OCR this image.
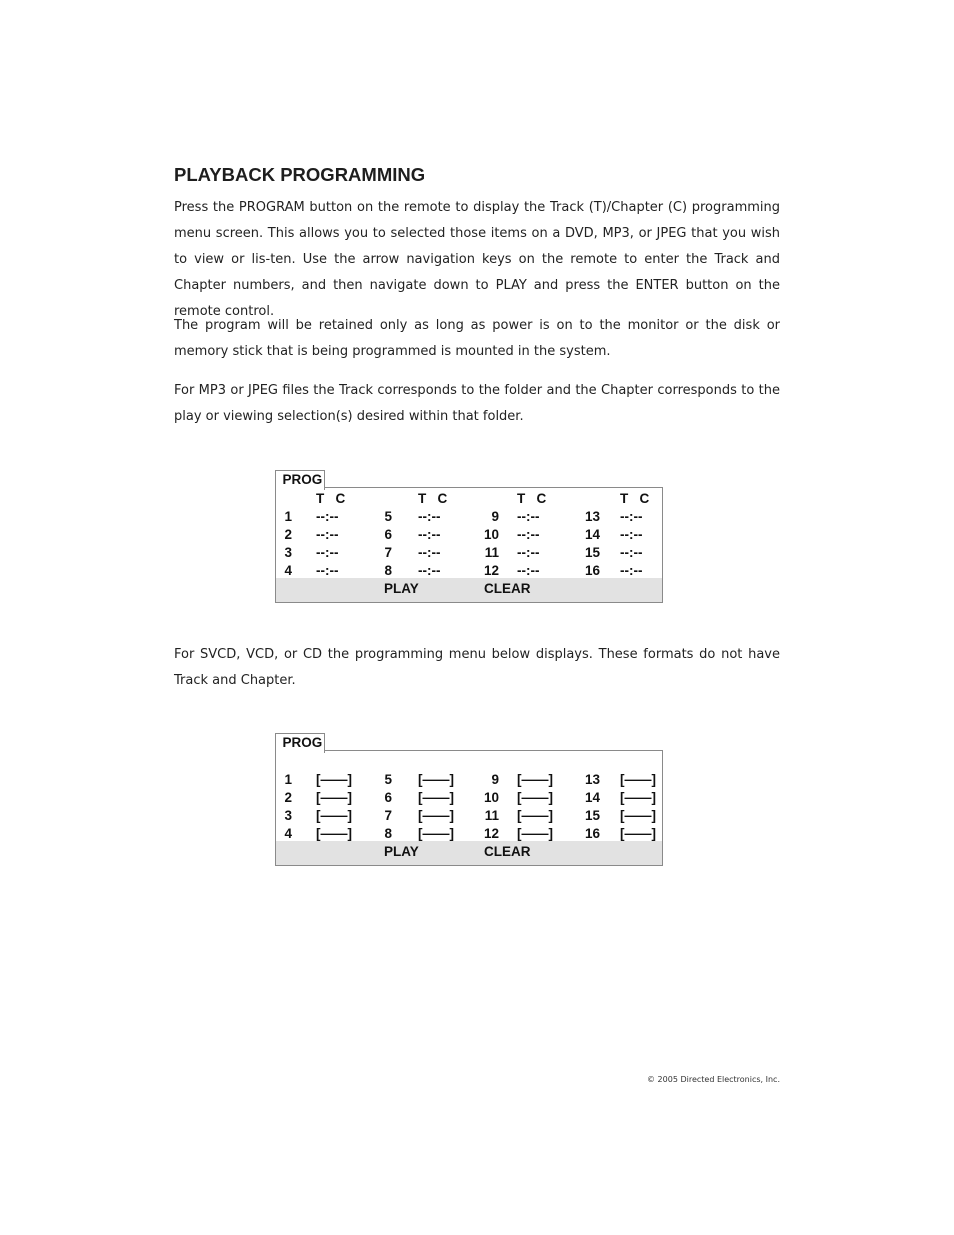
PLAYBACK PROGRAMMING

Press the PROGRAM button on the remote to display the Track (T)/Chapter (C) programming menu screen. This allows you to selected those items on a DVD, MP3, or JPEG that you wish to view or lis-ten. Use the arrow navigation keys on the remote to enter the Track and Chapter numbers, and then navigate down to PLAY and press the ENTER button on the remote control.

The program will be retained only as long as power is on to the monitor or the disk or memory stick that is being programmed is mounted in the system.

For MP3 or JPEG files the Track corresponds to the folder and the Chapter corresponds to the play or viewing selection(s) desired within that folder.

PROG
T   C	T   C	T   C	T   C
1 --:--	5 --:--	9 --:--	13 --:--
2 --:--	6 --:--	10 --:--	14 --:--
3 --:--	7 --:--	11 --:--	15 --:--
4 --:--	8 --:--	12 --:--	16 --:--
PLAY	CLEAR

For SVCD, VCD, or CD the programming menu below displays. These formats do not have Track and Chapter.

PROG
1 [——] 5 [——]	9 [——] 13 [——]
2 [——] 6 [——] 10 [——] 14 [——]
3 [——] 7 [——] 11 [——] 15 [——]
4 [——] 8 [——] 12 [——] 16 [——]
PLAY	CLEAR
© 2005 Directed Electronics, Inc.
